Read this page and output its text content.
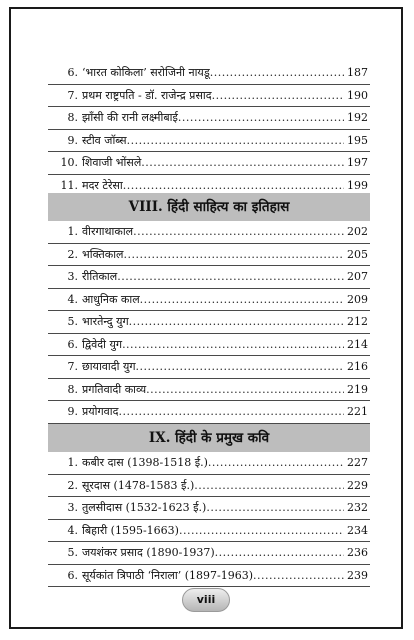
6. ‘भारत कोकिला’ सरोजिनी नायडू .....	187
7. प्रथम राष्ट्रपति - डॉ. राजेन्द्र प्रसाद .....	190
8. झाँसी की रानी लक्ष्मीबाई .....	192
9. स्टीव जॉब्स .....	195
10. शिवाजी भोंसले .....	197
11. मदर टेरेसा .....	199
VIII. हिंदी साहित्य का इतिहास
1. वीरगाथाकाल .....	202
2. भक्तिकाल .....	205
3. रीतिकाल .....	207
4. आधुनिक काल .....	209
5. भारतेन्दु युग .....	212
6. द्विवेदी युग .....	214
7. छायावादी युग .....	216
8. प्रगतिवादी काव्य .....	219
9. प्रयोगवाद .....	221
.....
IX. हिंदी के प्रमुख कवि
1. कबीर दास (1398-1518 ई.) .....	227
2. सूरदास (1478-1583 ई.) .....	229
3. तुलसीदास (1532-1623 ई.) .....	232
4. बिहारी (1595-1663) .....	234
5. जयशंकर प्रसाद (1890-1937) .....	236
6. सूर्यकांत त्रिपाठी ‘निराला’ (1897-1963) .....	239
viii
